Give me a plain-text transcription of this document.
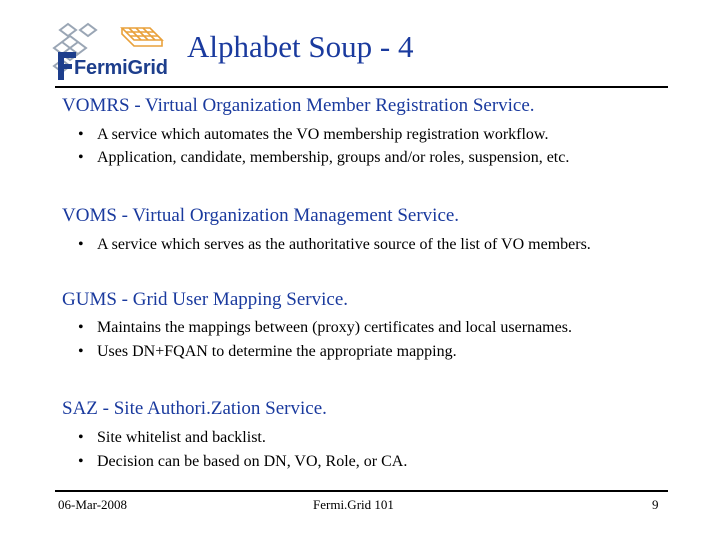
FermiGrid
Alphabet Soup - 4
VOMRS - Virtual Organization Member Registration Service.
• A service which automates the VO membership registration workflow.
• Application, candidate, membership, groups and/or roles, suspension, etc.
VOMS - Virtual Organization Management Service.
• A service which serves as the authoritative source of the list of VO members.
GUMS - Grid User Mapping Service.
• Maintains the mappings between (proxy) certificates and local usernames.
• Uses DN+FQAN to determine the appropriate mapping.
SAZ - Site Authori.Zation Service.
• Site whitelist and backlist.
• Decision can be based on DN, VO, Role, or CA.
06-Mar-2008	Fermi.Grid 101	9
